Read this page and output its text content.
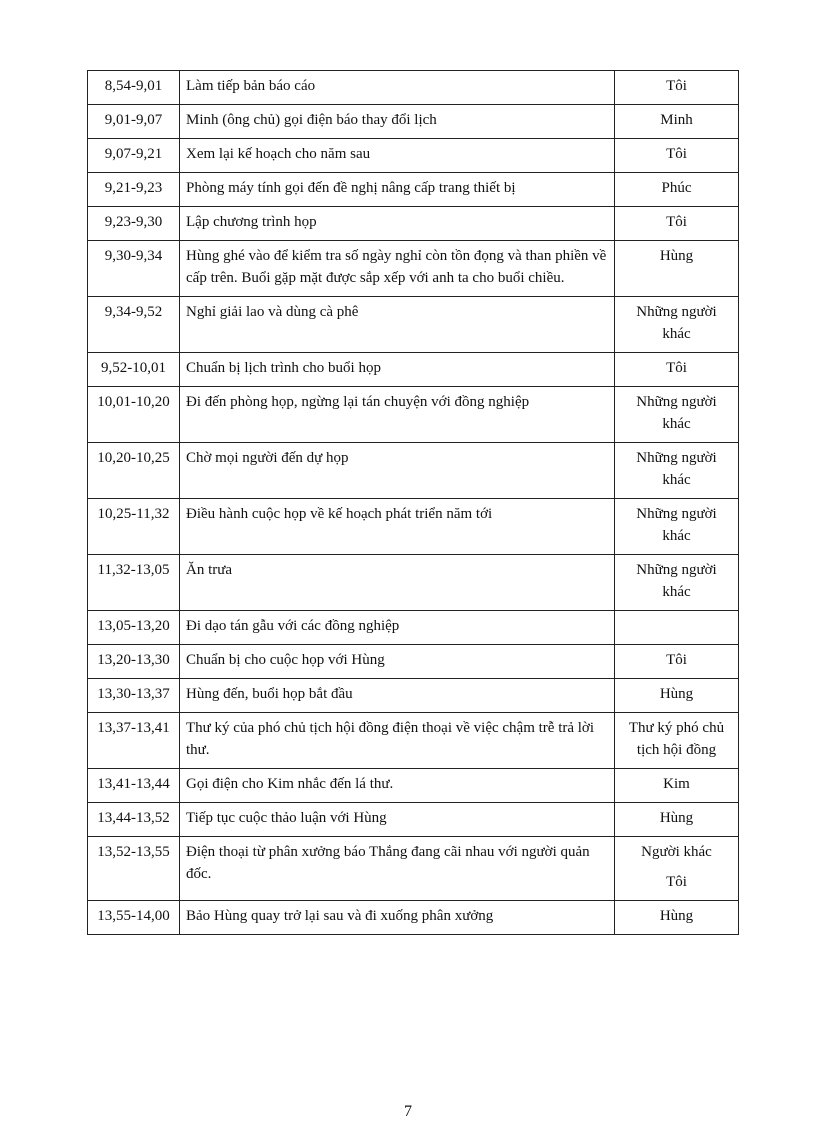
8,54-9,01	Làm tiếp bản báo cáo	Tôi

9,01-9,07	Minh (ông chủ) gọi điện báo thay đổi lịch	Minh

9,07-9,21	Xem lại kế hoạch cho năm sau	Tôi

9,21-9,23	Phòng máy tính gọi đến đề nghị nâng cấp trang thiết bị	Phúc

9,23-9,30	Lập chương trình họp	Tôi

9,30-9,34	Hùng ghé vào để kiểm tra số ngày nghỉ còn tồn đọng và than phiền về cấp trên. Buổi gặp mặt được sắp xếp với anh ta cho buổi chiều.	Hùng

9,34-9,52	Nghỉ giải lao và dùng cà phê	Những người khác

9,52-10,01	Chuẩn bị lịch trình cho buổi họp	Tôi

10,01-10,20	Đi đến phòng họp, ngừng lại tán chuyện với đồng nghiệp	Những người khác

10,20-10,25	Chờ mọi người đến dự họp	Những người khác

10,25-11,32	Điều hành cuộc họp về kế hoạch phát triển năm tới	Những người khác

11,32-13,05	Ăn trưa	Những người khác

13,05-13,20	Đi dạo tán gẫu với các đồng nghiệp	
13,20-13,30	Chuẩn bị cho cuộc họp với Hùng	Tôi

13,30-13,37	Hùng đến, buổi họp bắt đầu	Hùng

13,37-13,41	Thư ký của phó chủ tịch hội đồng điện thoại về việc chậm trễ trả lời thư.	Thư ký phó chủ tịch hội đồng

13,41-13,44	Gọi điện cho Kim nhắc đến lá thư.	Kim

13,44-13,52	Tiếp tục cuộc thảo luận với Hùng	Hùng

13,52-13,55	Điện thoại từ phân xưởng báo Thắng đang cãi nhau với người quản đốc.	Người khác
Tôi

13,55-14,00	Bảo Hùng quay trở lại sau và đi xuống phân xưởng	Hùng
7
